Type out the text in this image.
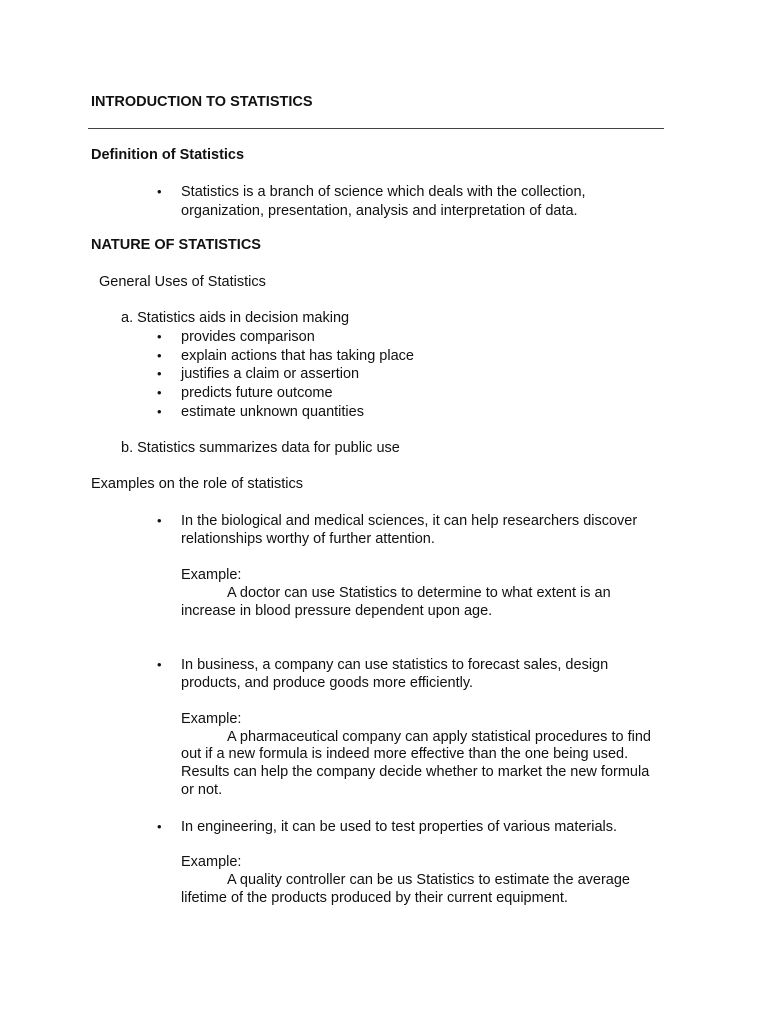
INTRODUCTION TO STATISTICS
Definition of Statistics
• Statistics is a branch of science which deals with the collection,
organization, presentation, analysis and interpretation of data.
NATURE OF STATISTICS
General Uses of Statistics
a. Statistics aids in decision making
• provides comparison
• explain actions that has taking place
• justifies a claim or assertion
• predicts future outcome
• estimate unknown quantities
b. Statistics summarizes data for public use
Examples on the role of statistics
• In the biological and medical sciences, it can help researchers discover
relationships worthy of further attention.
Example:
A doctor can use Statistics to determine to what extent is an
increase in blood pressure dependent upon age.
• In business, a company can use statistics to forecast sales, design
products, and produce goods more efficiently.
Example:
A pharmaceutical company can apply statistical procedures to find
out if a new formula is indeed more effective than the one being used.
Results can help the company decide whether to market the new formula
or not.
• In engineering, it can be used to test properties of various materials.
Example:
A quality controller can be us Statistics to estimate the average
lifetime of the products produced by their current equipment.
